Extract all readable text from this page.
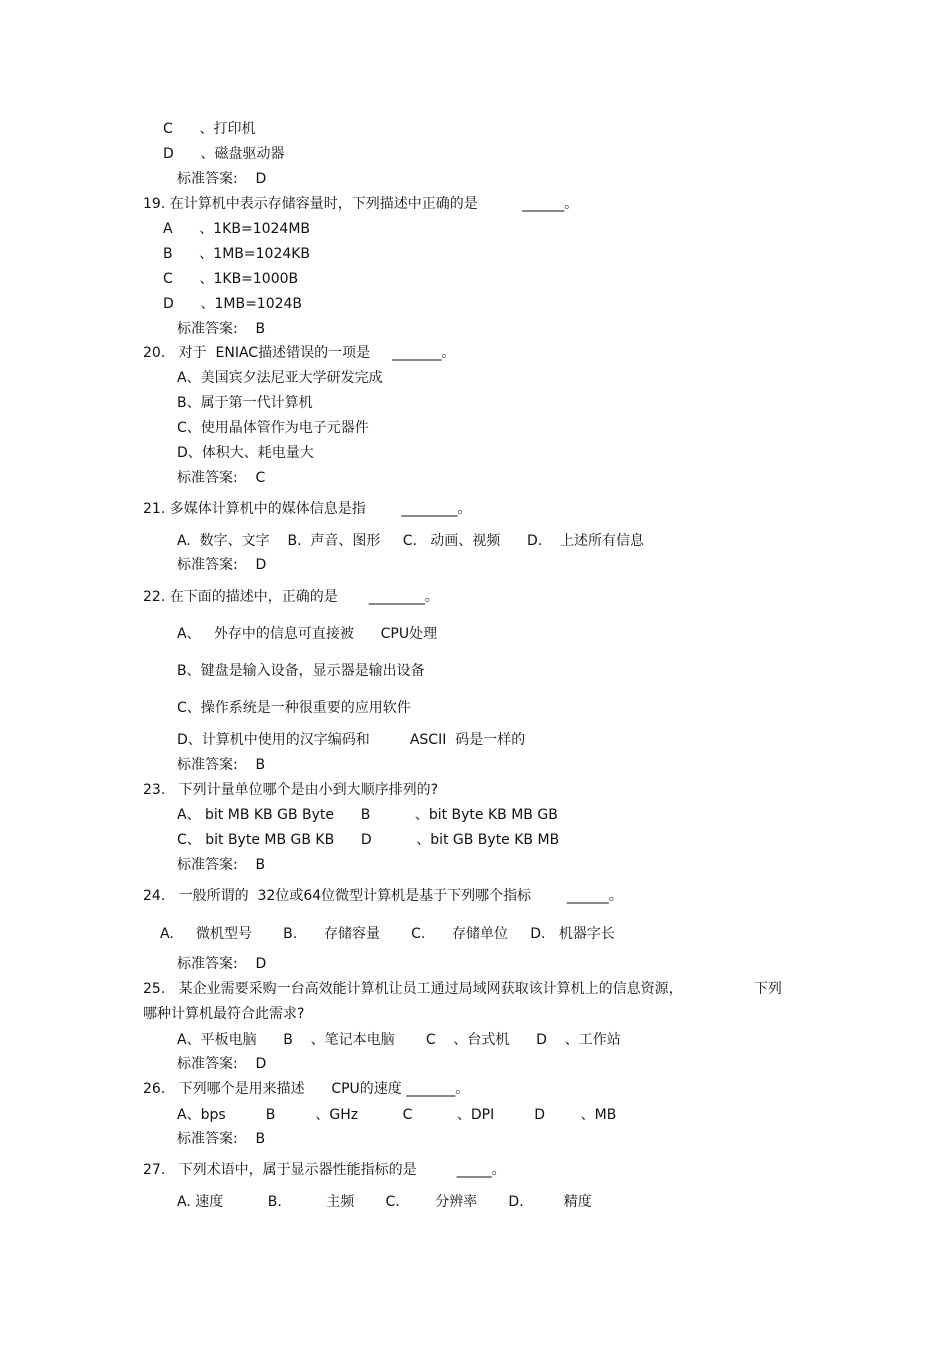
C      、打印机
D      、磁盘驱动器
标准答案:    D
19. 在计算机中表示存储容量时，下列描述中正确的是          ______。
A      、1KB=1024MB
B      、1MB=1024KB
C      、1KB=1000B
D      、1MB=1024B
标准答案:    B
20.   对于  ENIAC描述错误的一项是     _______。
A、美国宾夕法尼亚大学研发完成
B、属于第一代计算机
C、使用晶体管作为电子元器件
D、体积大、耗电量大
标准答案:    C
21. 多媒体计算机中的媒体信息是指        ________。
A.  数字、文字    B.  声音、图形     C.   动画、视频      D.    上述所有信息
标准答案:    D
22. 在下面的描述中，正确的是       ________。
A、   外存中的信息可直接被      CPU处理
B、键盘是输入设备，显示器是输出设备
C、操作系统是一种很重要的应用软件
D、计算机中使用的汉字编码和         ASCII  码是一样的
标准答案:    B
23.   下列计量单位哪个是由小到大顺序排列的?
A、 bit MB KB GB Byte      B          、bit Byte KB MB GB
C、 bit Byte MB GB KB      D          、bit GB Byte KB MB
标准答案:    B
24.   一般所谓的  32位或64位微型计算机是基于下列哪个指标        ______。
A.     微机型号       B.      存储容量       C.      存储单位     D.   机器字长
标准答案:    D
25.   某企业需要采购一台高效能计算机让员工通过局域网获取该计算机上的信息资源，                下列
哪种计算机最符合此需求?
A、平板电脑      B    、笔记本电脑       C    、台式机      D    、工作站
标准答案:    D
26.   下列哪个是用来描述      CPU的速度 _______。
A、bps         B         、GHz          C          、DPI         D        、MB
标准答案:    B
27.   下列术语中，属于显示器性能指标的是         _____。
A. 速度          B.          主频       C.        分辨率       D.         精度
